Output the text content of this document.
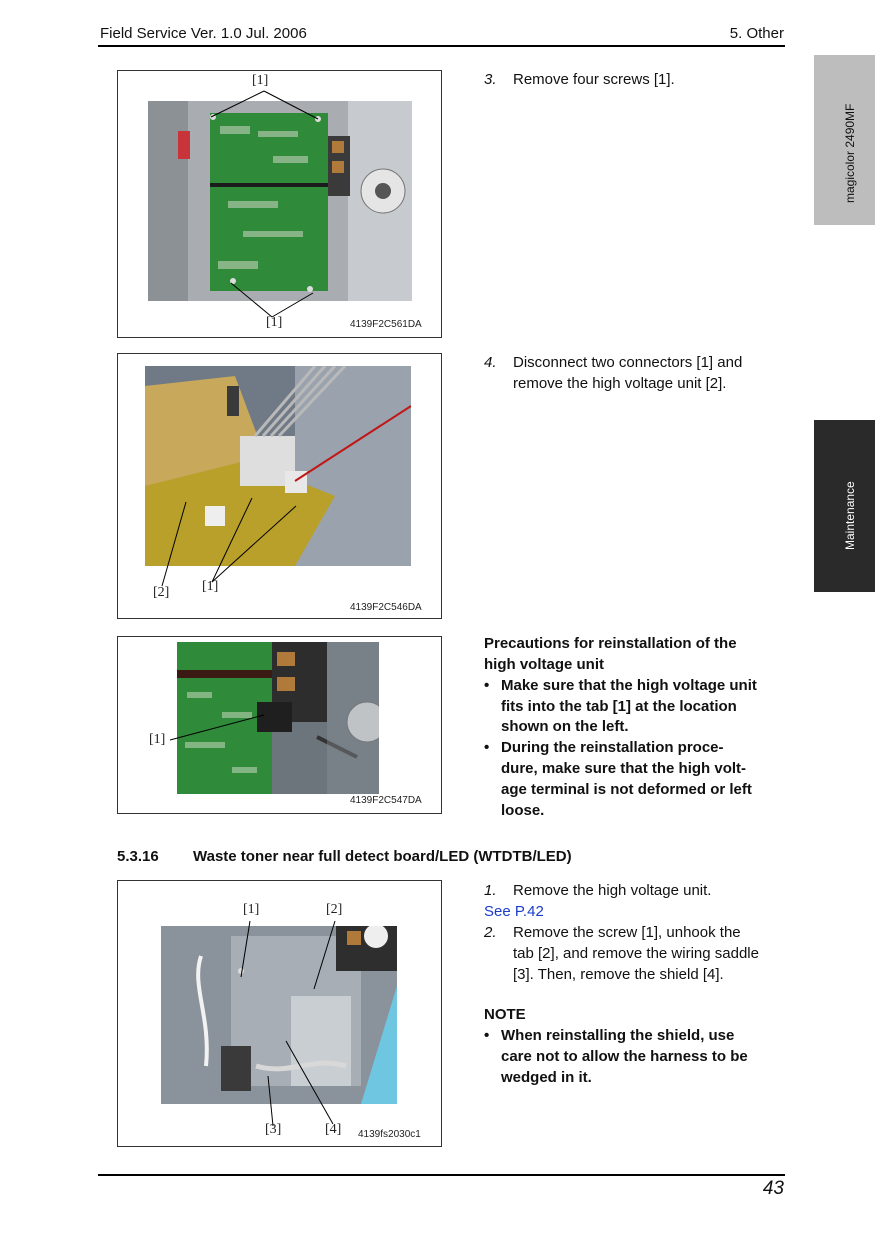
Field Service Ver. 1.0 Jul. 2006	5. Other
magicolor 2490MF
Maintenance
[1]
[1]	4139F2C561DA
[2] [1]
4139F2C546DA
[1]
4139F2C547DA
[1]	[2]
[3]	[4] 4139fs2030c1
3. Remove four screws [1].
4. Disconnect two connectors [1] and
remove the high voltage unit [2].
Precautions for reinstallation of the
high voltage unit
• Make sure that the high voltage unit
fits into the tab [1] at the location
shown on the left.
• During the reinstallation proce-
dure, make sure that the high volt-
age terminal is not deformed or left
loose.
5.3.16 Waste toner near full detect board/LED (WTDTB/LED)
1. Remove the high voltage unit.
See P.42
2. Remove the screw [1], unhook the
tab [2], and remove the wiring saddle
[3]. Then, remove the shield [4].
NOTE
• When reinstalling the shield, use
care not to allow the harness to be
wedged in it.
43
